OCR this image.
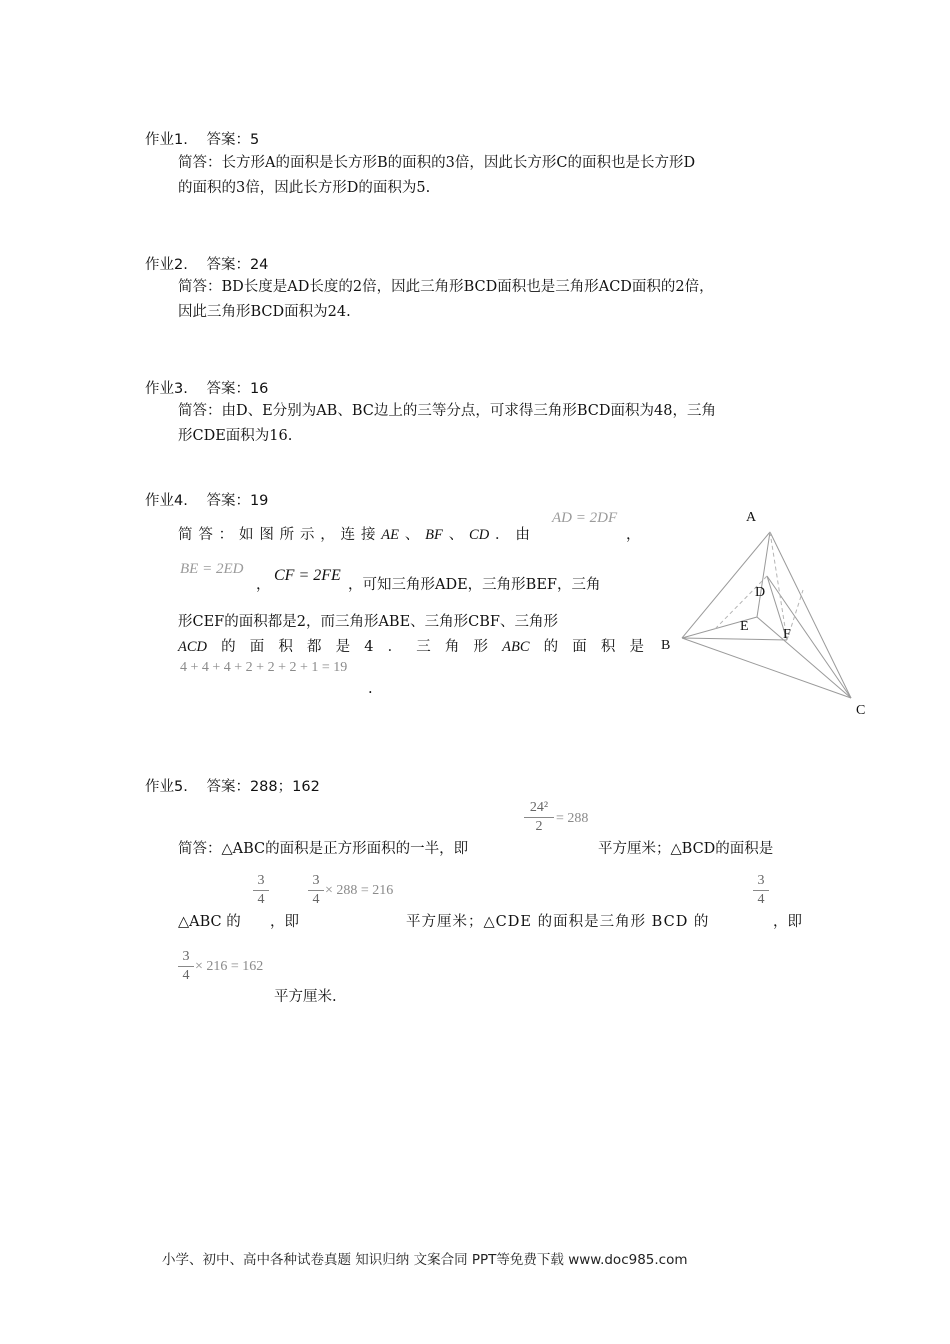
作业1. 答案：5
简答：长方形A的面积是长方形B的面积的3倍，因此长方形C的面积也是长方形D
的面积的3倍，因此长方形D的面积为5.
作业2. 答案：24
简答：BD长度是AD长度的2倍，因此三角形BCD面积也是三角形ACD面积的2倍，
因此三角形BCD面积为24.
作业3. 答案：16
简答：由D、E分别为AB、BC边上的三等分点，可求得三角形BCD面积为48，三角
形CDE面积为16.
作业4. 答案：19
简 答 ： 如 图 所 示 ， 连 接 AE 、 BF 、 CD ． 由
AD = 2DF
，
BE = 2ED
，
CF = 2FE
，可知三角形ADE，三角形BEF，三角
形CEF的面积都是2，而三角形ABE、三角形CBF、三角形
ACD 的 面 积 都 是 4 ． 三 角 形 ABC 的 面 积 是
4 + 4 + 4 + 2 + 2 + 2 + 1 = 19
.
A
B
C
D
E
F
作业5. 答案：288；162
24²
2
= 288
简答：△ABC的面积是正方形面积的一半，即	平方厘米；△BCD的面积是
3
4
3
4
× 288 = 216
3
4
△ABC 的 ，即	平方厘米；△CDE 的面积是三角形 BCD 的	，即
3
4
× 216 = 162
平方厘米.
小学、初中、高中各种试卷真题 知识归纳 文案合同 PPT等免费下载 www.doc985.com
